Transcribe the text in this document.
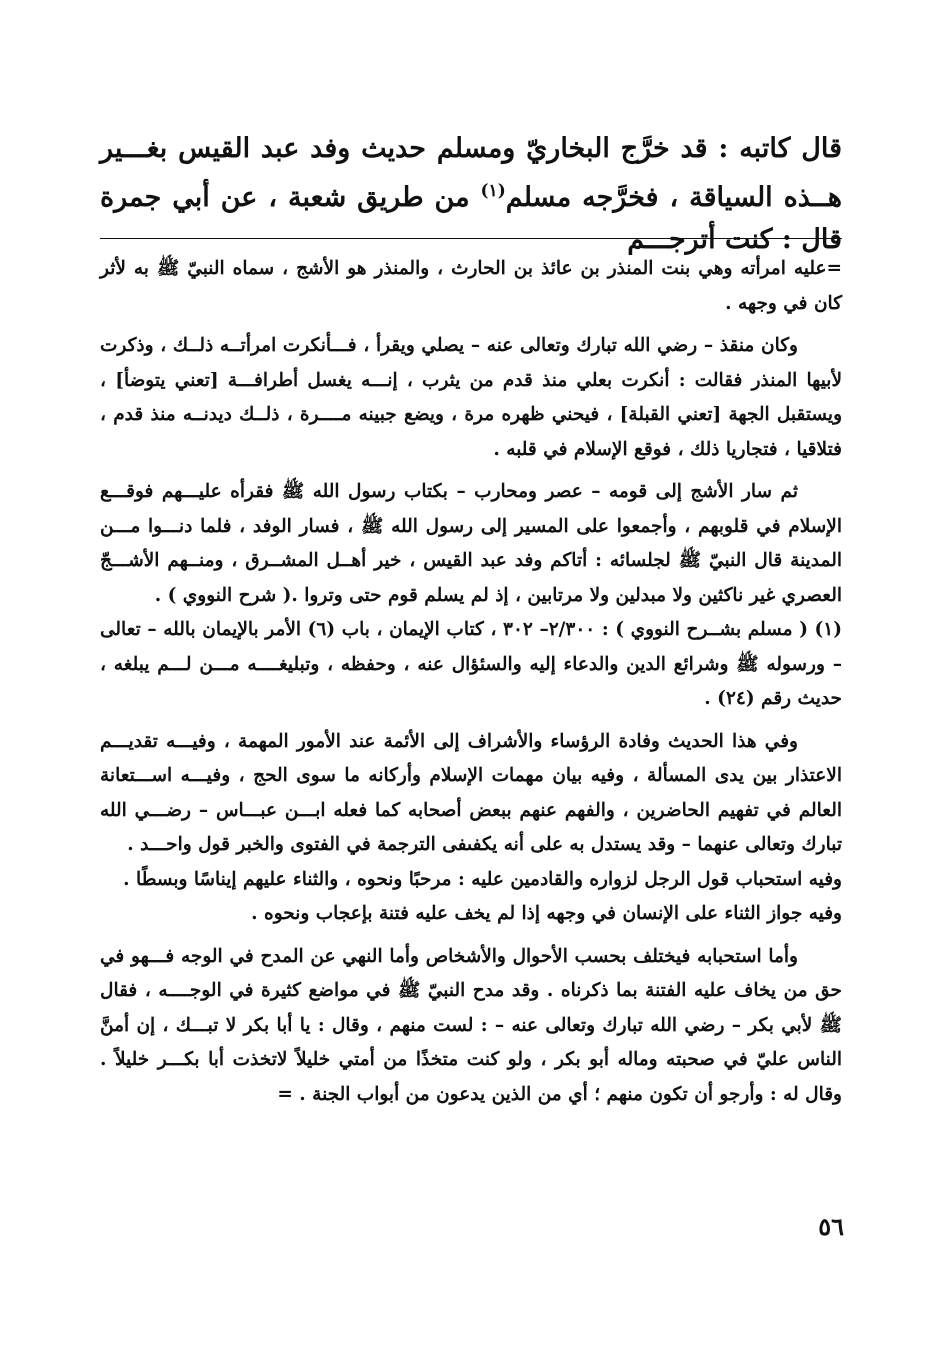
قال كاتبه : قد خرَّج البخاريّ ومسلم حديث وفد عبد القيس بغـــير هــذه السياقة ، فخرَّجه مسلم$^{(١)}$ من طريق شعبة ، عن أبي جمرة قال : كنت أترجـــم

=عليه امرأته وهي بنت المنذر بن عائذ بن الحارث ، والمنذر هو الأشج ، سماه النبيّ ﷺ به لأثر كان في وجهه .

وكان منقذ – رضي الله تبارك وتعالى عنه – يصلي ويقرأ ، فـــأنكرت امرأتــه ذلــك ، وذكرت لأبيها المنذر فقالت : أنكرت بعلي منذ قدم من يثرب ، إنـــه يغسل أطرافـــة [تعني يتوضأ] ، ويستقبل الجهة [تعني القبلة] ، فيحني ظهره مرة ، ويضع جبينه مــــرة ، ذلــك ديدنــه منذ قدم ، فتلاقيا ، فتجاريا ذلك ، فوقع الإسلام في قلبه .

ثم سار الأشج إلى قومه – عصر ومحارب – بكتاب رسول الله ﷺ فقرأه عليـــهم فوقـــع الإسلام في قلوبهم ، وأجمعوا على المسير إلى رسول الله ﷺ ، فسار الوفد ، فلما دنـــوا مـــن المدينة قال النبيّ ﷺ لجلسائه : أتاكم وفد عبد القيس ، خير أهــل المشــرق ، ومنــهم الأشـــجّ العصري غير ناكثين ولا مبدلين ولا مرتابين ، إذ لم يسلم قوم حتى وتروا .( شرح النووي ) .

(١) ( مسلم بشــرح النووي ) : ٢/٣٠٠– ٣٠٢ ، كتاب الإيمان ، باب (٦) الأمر بالإيمان بالله – تعالى – ورسوله ﷺ وشرائع الدين والدعاء إليه والسئؤال عنه ، وحفظه ، وتبليغــــه مـــن لـــم يبلغه ، حديث رقم (٢٤) .

وفي هذا الحديث وفادة الرؤساء والأشراف إلى الأئمة عند الأمور المهمة ، وفيـــه تقديـــم الاعتذار بين يدى المسألة ، وفيه بيان مهمات الإسلام وأركانه ما سوى الحج ، وفيـــه اســـتعانة العالم في تفهيم الحاضرين ، والفهم عنهم ببعض أصحابه كما فعله ابـــن عبـــاس – رضـــي الله تبارك وتعالى عنهما – وقد يستدل به على أنه يكفىفى الترجمة في الفتوى والخبر قول واحـــد .

وفيه استحباب قول الرجل لزواره والقادمين عليه : مرحبًا ونحوه ، والثناء عليهم إيناسًا وبسطًا .

وفيه جواز الثناء على الإنسان في وجهه إذا لم يخف عليه فتنة بإعجاب ونحوه .

وأما استحبابه فيختلف بحسب الأحوال والأشخاص وأما النهي عن المدح في الوجه فـــهو في حق من يخاف عليه الفتنة بما ذكرناه . وقد مدح النبيّ ﷺ في مواضع كثيرة في الوجــــه ، فقال ﷺ لأبي بكر – رضي الله تبارك وتعالى عنه – : لست منهم ، وقال : يا أبا بكر لا تبـــك ، إن أمنَّ الناس عليّ في صحبته وماله أبو بكر ، ولو كنت متخذًا من أمتي خليلاً لاتخذت أبا بكـــر خليلاً . وقال له : وأرجو أن تكون منهم ؛ أي من الذين يدعون من أبواب الجنة . =

٥٦
